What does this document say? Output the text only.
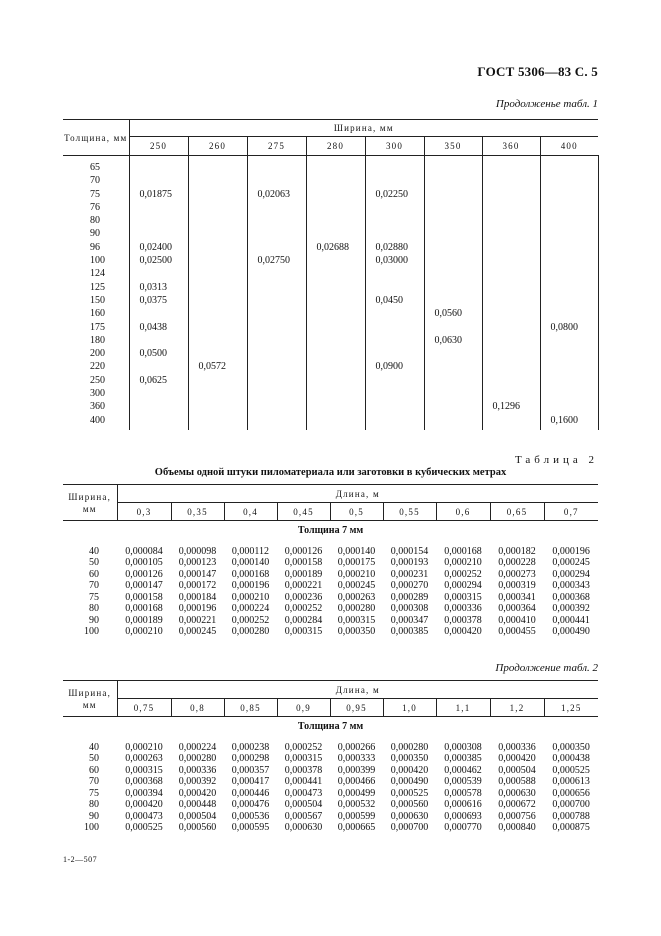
ГОСТ 5306—83 С. 5
Продолженье табл. 1
Толщина, мм	Ширина, мм							
	250	260	275	280	300	350	360	400
65								
70								
75	0,01875		0,02063		0,02250			
76								
80								
90								
96	0,02400			0,02688	0,02880			
100	0,02500		0,02750		0,03000			
124								
125	0,0313							
150	0,0375				0,0450			
160						0,0560		
175	0,0438							0,0800
180						0,0630		
200	0,0500							
220		0,0572			0,0900			
250	0,0625							
300								
360							0,1296	
400								0,1600
Таблица 2
Объемы одной штуки пиломатериала или заготовки в кубических метрах
Ширина, мм	Длина, м								
	0,3	0,35	0,4	0,45	0,5	0,55	0,6	0,65	0,7
Толщина 7 мм									
40	0,000084	0,000098	0,000112	0,000126	0,000140	0,000154	0,000168	0,000182	0,000196
50	0,000105	0,000123	0,000140	0,000158	0,000175	0,000193	0,000210	0,000228	0,000245
60	0,000126	0,000147	0,000168	0,000189	0,000210	0,000231	0,000252	0,000273	0,000294
70	0,000147	0,000172	0,000196	0,000221	0,000245	0,000270	0,000294	0,000319	0,000343
75	0,000158	0,000184	0,000210	0,000236	0,000263	0,000289	0,000315	0,000341	0,000368
80	0,000168	0,000196	0,000224	0,000252	0,000280	0,000308	0,000336	0,000364	0,000392
90	0,000189	0,000221	0,000252	0,000284	0,000315	0,000347	0,000378	0,000410	0,000441
100	0,000210	0,000245	0,000280	0,000315	0,000350	0,000385	0,000420	0,000455	0,000490
Продолжение табл. 2
Ширина, мм	Длина, м								
	0,75	0,8	0,85	0,9	0,95	1,0	1,1	1,2	1,25
Толщина 7 мм									
40	0,000210	0,000224	0,000238	0,000252	0,000266	0,000280	0,000308	0,000336	0,000350
50	0,000263	0,000280	0,000298	0,000315	0,000333	0,000350	0,000385	0,000420	0,000438
60	0,000315	0,000336	0,000357	0,000378	0,000399	0,000420	0,000462	0,000504	0,000525
70	0,000368	0,000392	0,000417	0,000441	0,000466	0,000490	0,000539	0,000588	0,000613
75	0,000394	0,000420	0,000446	0,000473	0,000499	0,000525	0,000578	0,000630	0,000656
80	0,000420	0,000448	0,000476	0,000504	0,000532	0,000560	0,000616	0,000672	0,000700
90	0,000473	0,000504	0,000536	0,000567	0,000599	0,000630	0,000693	0,000756	0,000788
100	0,000525	0,000560	0,000595	0,000630	0,000665	0,000700	0,000770	0,000840	0,000875
1-2—507
